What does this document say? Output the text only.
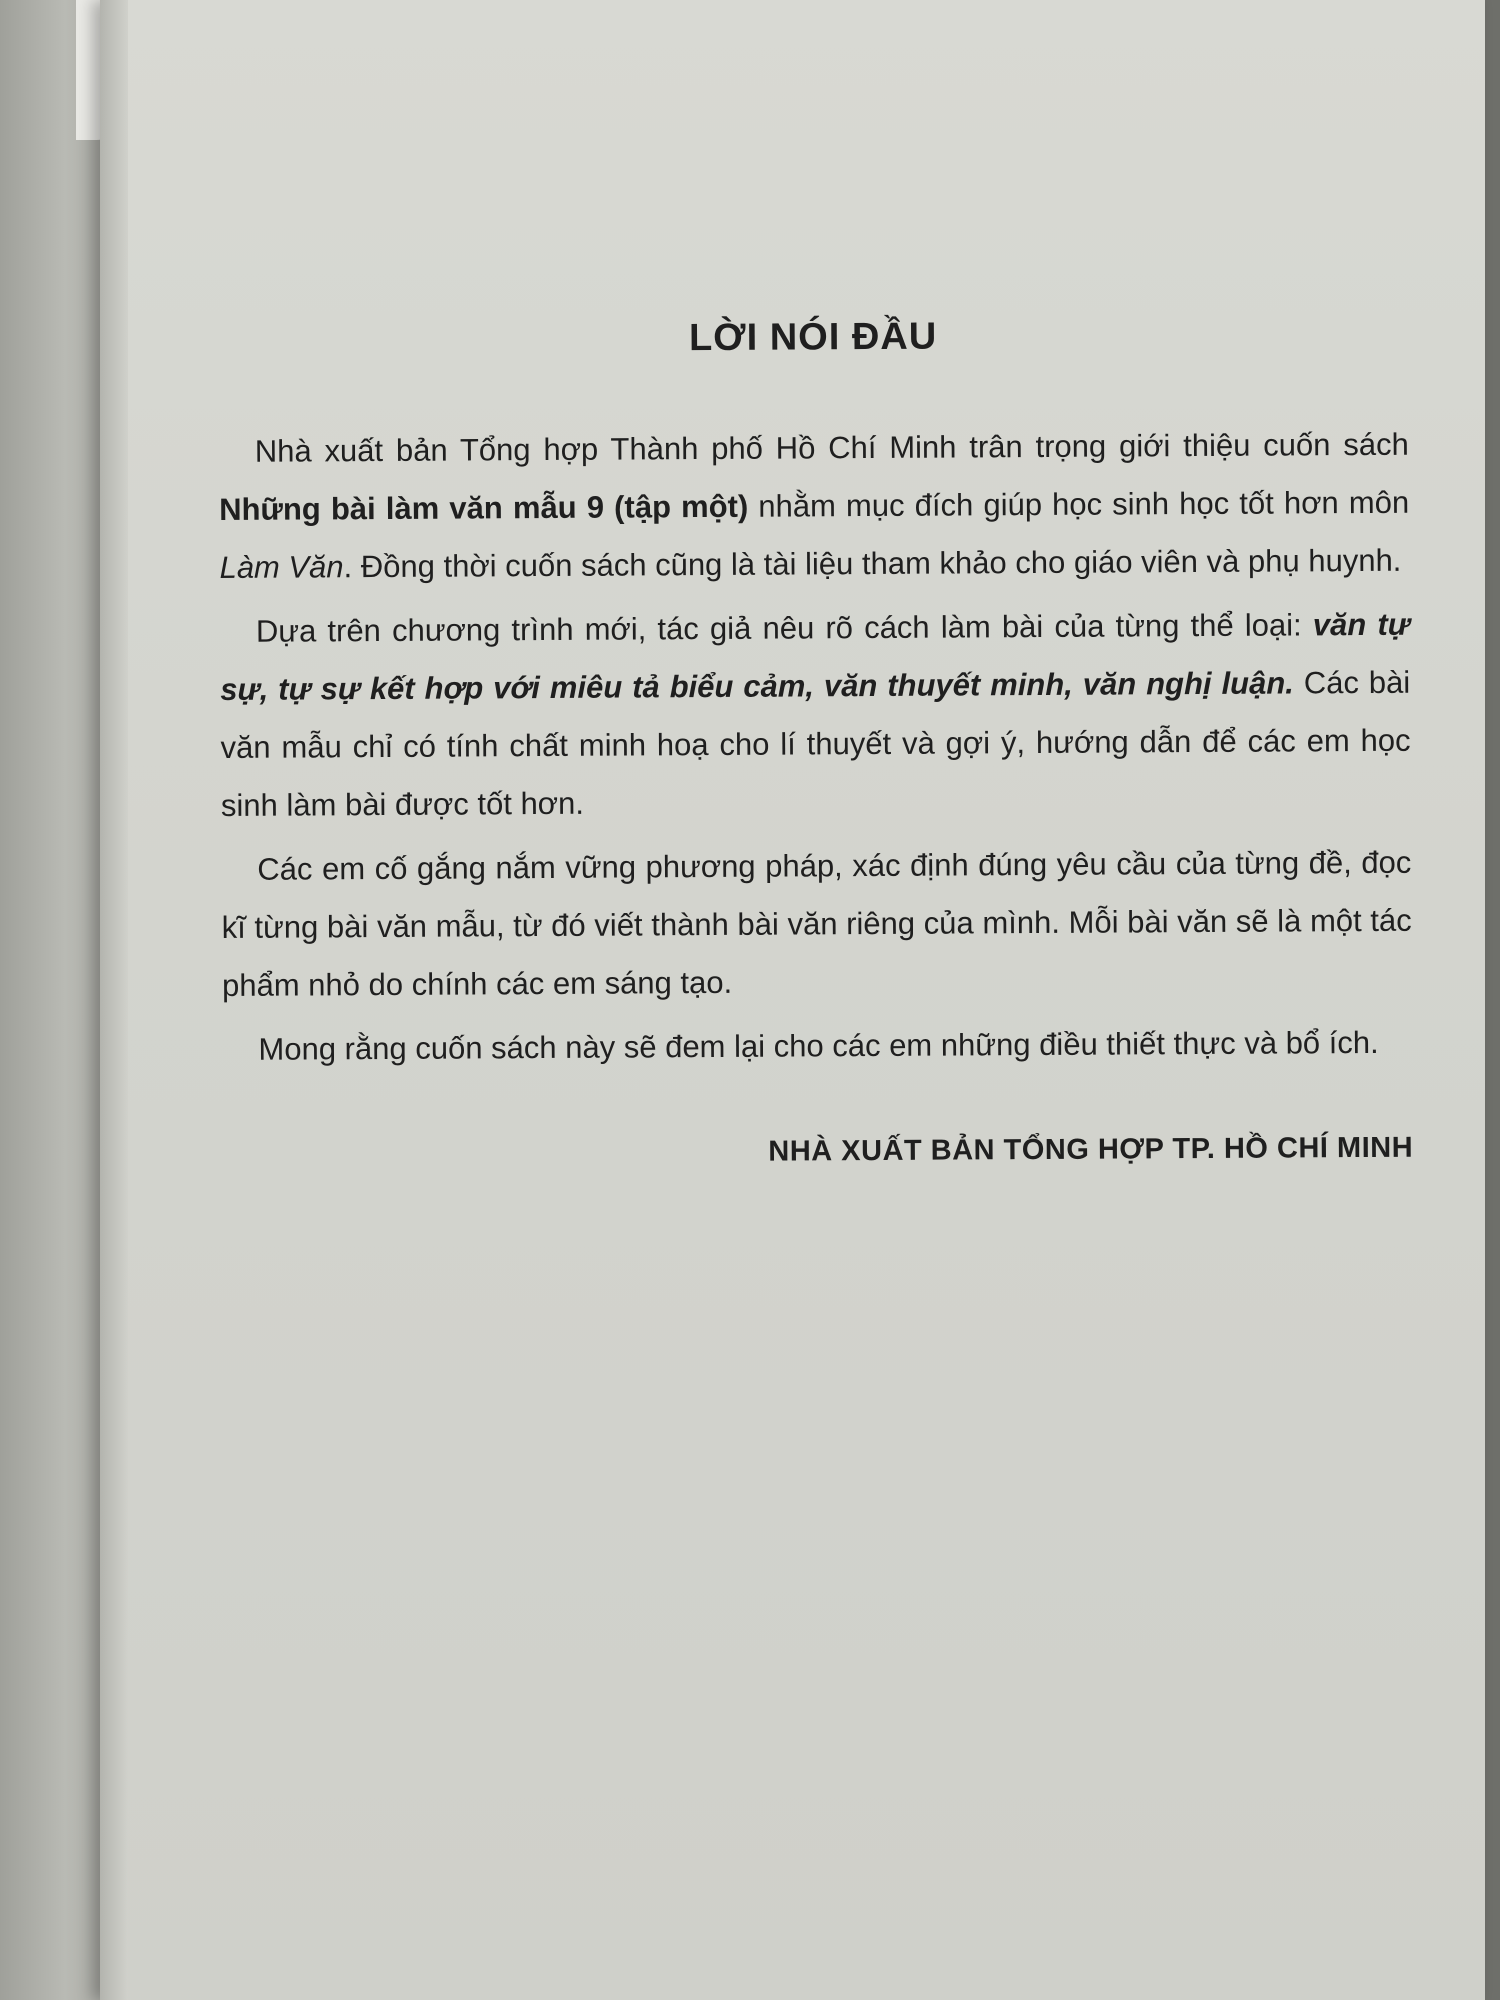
LỜI NÓI ĐẦU

Nhà xuất bản Tổng hợp Thành phố Hồ Chí Minh trân trọng giới thiệu cuốn sách Những bài làm văn mẫu 9 (tập một) nhằm mục đích giúp học sinh học tốt hơn môn Làm Văn. Đồng thời cuốn sách cũng là tài liệu tham khảo cho giáo viên và phụ huynh.

Dựa trên chương trình mới, tác giả nêu rõ cách làm bài của từng thể loại: văn tự sự, tự sự kết hợp với miêu tả biểu cảm, văn thuyết minh, văn nghị luận. Các bài văn mẫu chỉ có tính chất minh hoạ cho lí thuyết và gợi ý, hướng dẫn để các em học sinh làm bài được tốt hơn.

Các em cố gắng nắm vững phương pháp, xác định đúng yêu cầu của từng đề, đọc kĩ từng bài văn mẫu, từ đó viết thành bài văn riêng của mình. Mỗi bài văn sẽ là một tác phẩm nhỏ do chính các em sáng tạo.

Mong rằng cuốn sách này sẽ đem lại cho các em những điều thiết thực và bổ ích.

NHÀ XUẤT BẢN TỔNG HỢP TP. HỒ CHÍ MINH
